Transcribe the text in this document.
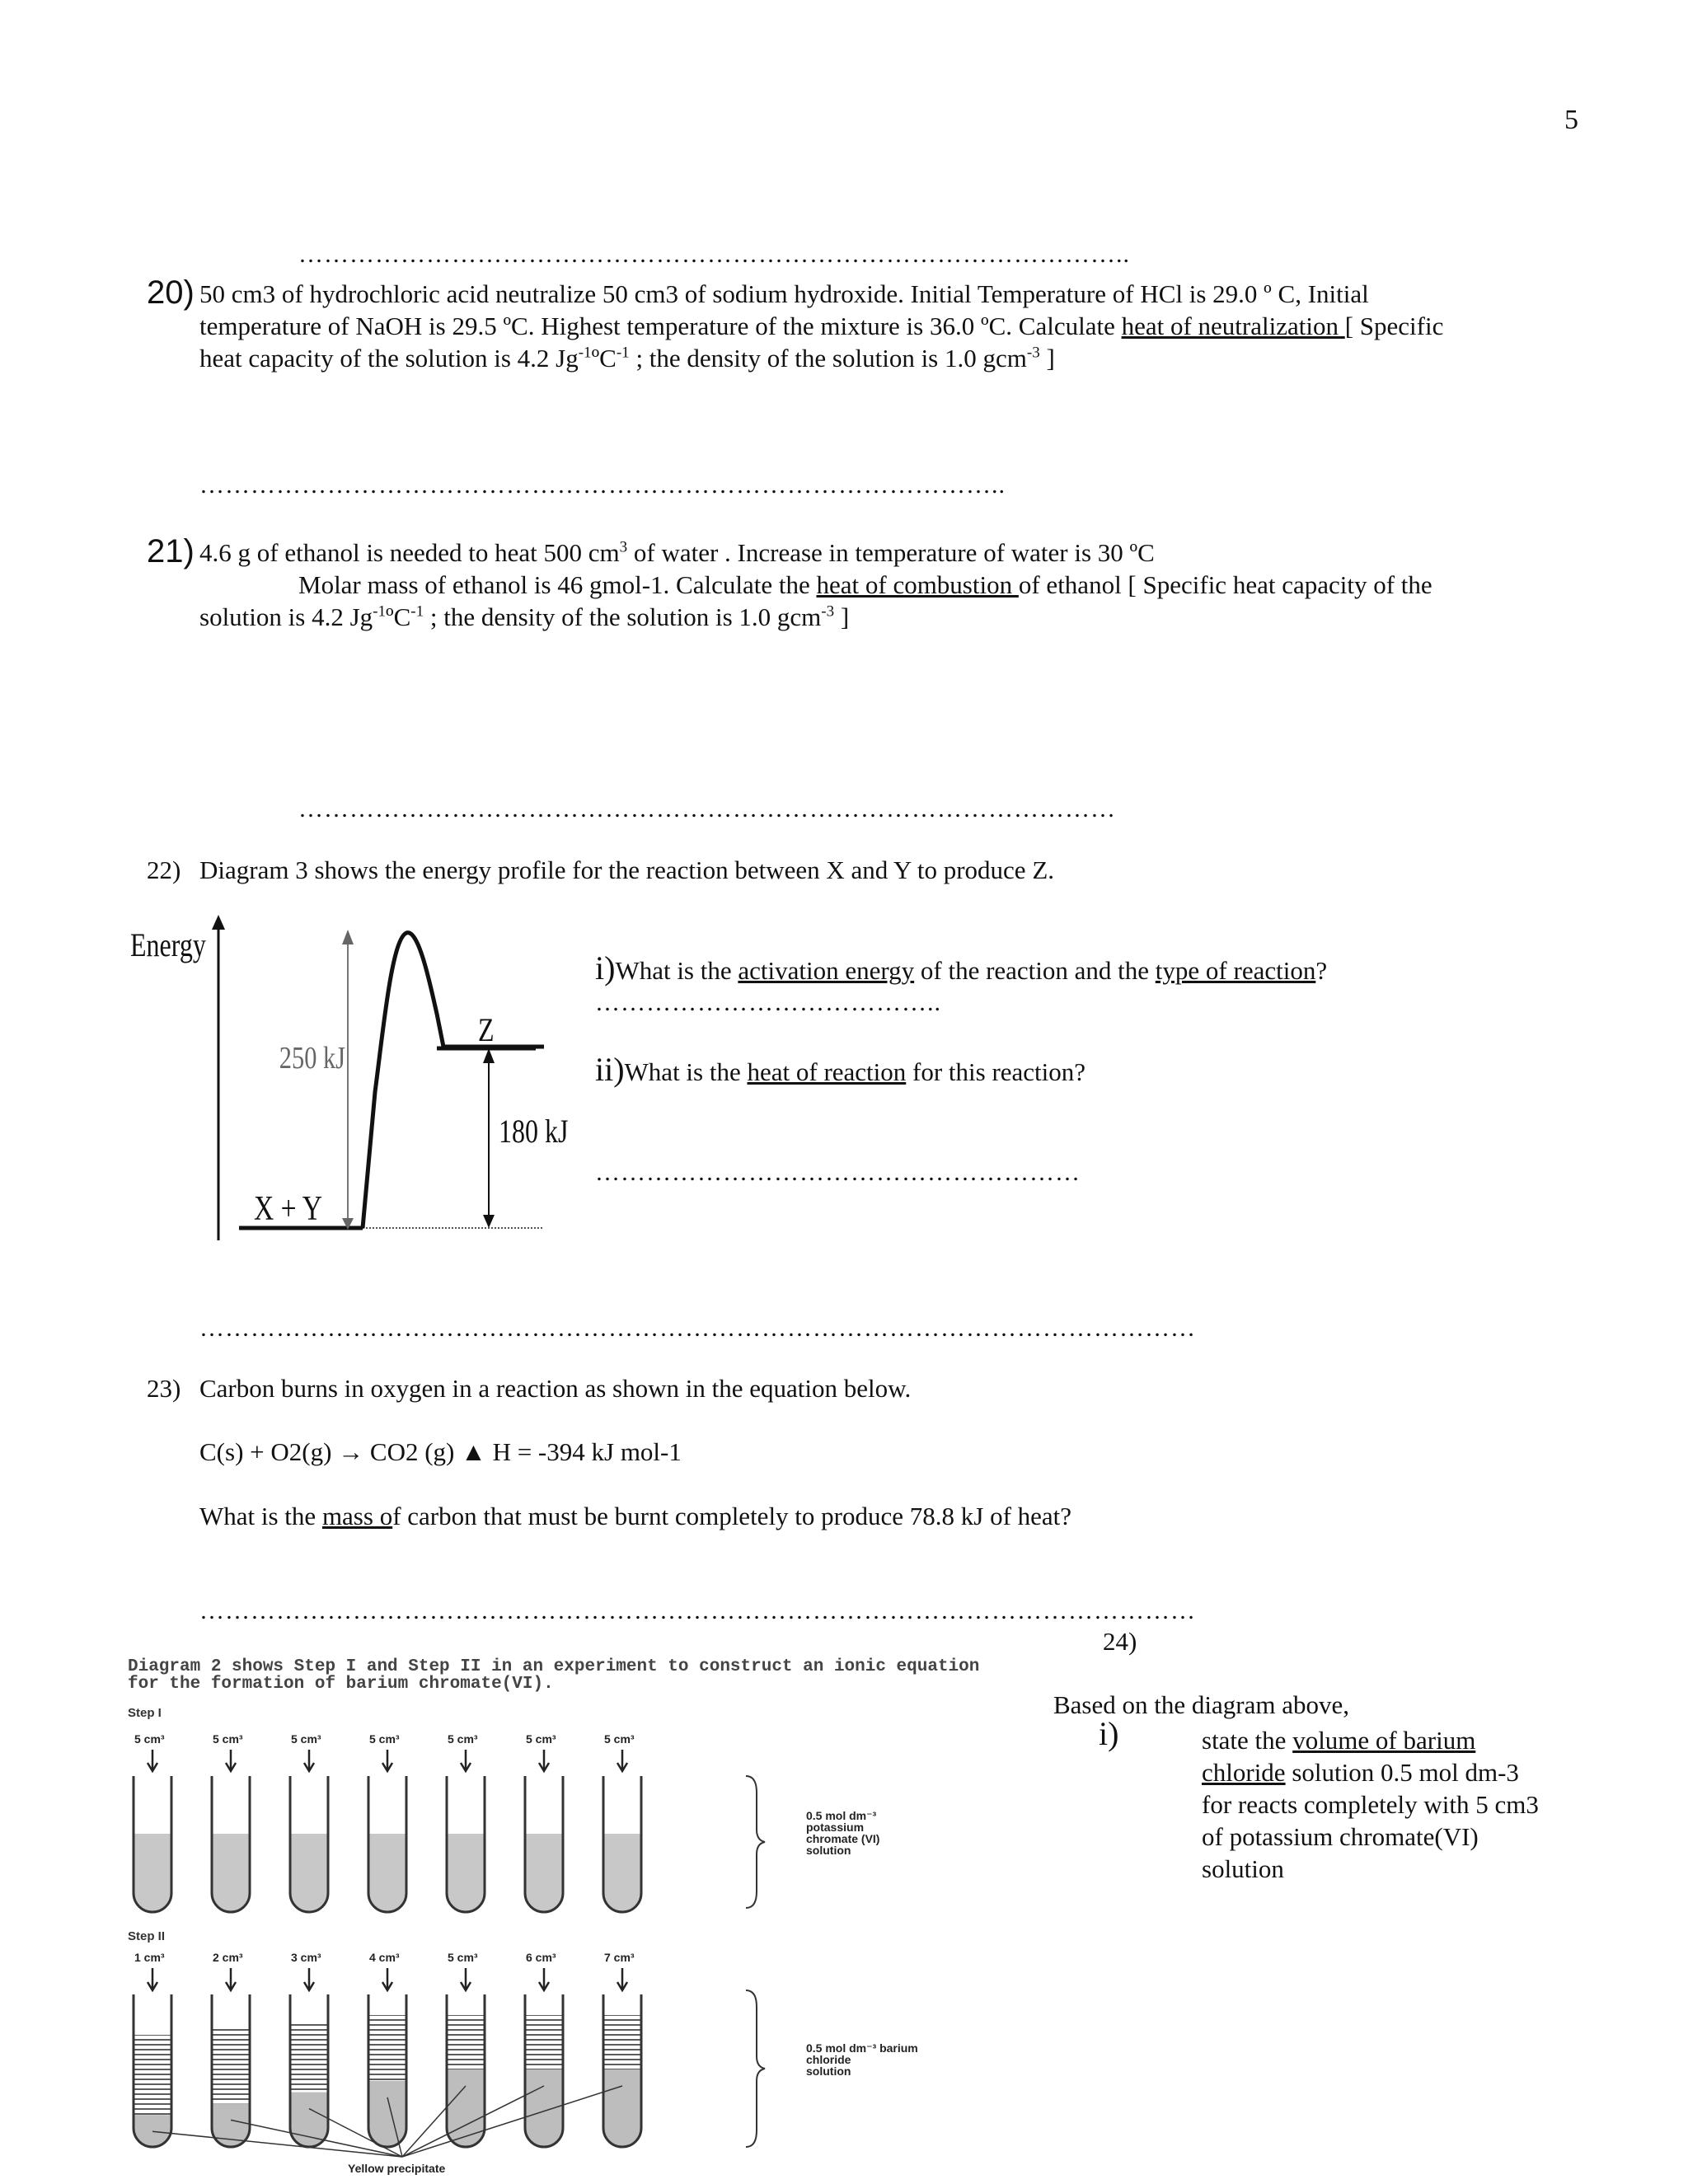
5
……………………………………………………………………………………..
20) 50 cm3 of hydrochloric acid neutralize 50 cm3 of sodium hydroxide. Initial Temperature of HCl is 29.0 º C, Initial
temperature of NaOH is 29.5 ºC. Highest temperature of the mixture is 36.0 ºC. Calculate heat of neutralization [ Specific
heat capacity of the solution is 4.2 $Jg^{-1}ºC^{-1}$ ; the density of the solution is 1.0 gcm$^{-3}$ ]
…………………………………………………………………………………..
21) 4.6 g of ethanol is needed to heat 500 $cm^3$ of water . Increase in temperature of water is 30 ºC
Molar mass of ethanol is 46 gmol-1. Calculate the heat of combustion of ethanol [ Specific heat capacity of the
solution is 4.2 $Jg^{-1}ºC^{-1}$ ; the density of the solution is 1.0 gcm$^{-3}$ ]
……………………………………………………………………………………
22) Diagram 3 shows the energy profile for the reaction between X and Y to produce Z.
Energy
250 kJ
180 kJ
Z
X + Y
i)What is the activation energy of the reaction and the type of reaction?
…………………………………..
ii)What is the heat of reaction for this reaction?
…………………………………………………
………………………………………………………………………………………………………
23) Carbon burns in oxygen in a reaction as shown in the equation below.
C(s) + O2(g) → CO2 (g) ▲ H = -394 kJ mol-1
What is the mass of carbon that must be burnt completely to produce 78.8 kJ of heat?
………………………………………………………………………………………………………
24)
Based on the diagram above,
i)	state the volume of barium
chloride solution 0.5 mol dm-3
for reacts completely with 5 cm3
of potassium chromate(VI)
solution
Diagram 2 shows Step I and Step II in an experiment to construct an ionic equation
for the formation of barium chromate(VI).
Step I
Step II
5 cm³	5 cm³	5 cm³	5 cm³	5 cm³	5 cm³	5 cm³
1 cm³	2 cm³	3 cm³	4 cm³	5 cm³	6 cm³	7 cm³
0.5 mol dm⁻³
potassium
chromate (VI)
solution
0.5 mol dm⁻³ barium
chloride
solution
Yellow precipitate
